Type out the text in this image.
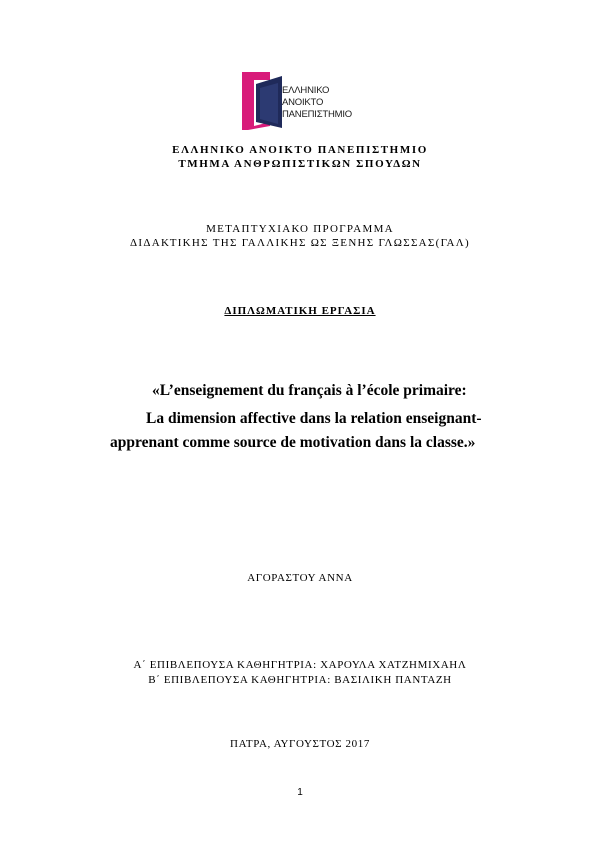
ΕΛΛΗΝΙΚΟ
ΑΝΟΙΚΤΟ
ΠΑΝΕΠΙΣΤΗΜΙΟ
ΕΛΛΗΝΙΚΟ ΑΝΟΙΚΤΟ ΠΑΝΕΠΙΣΤΗΜΙΟ
ΤΜΗΜΑ ΑΝΘΡΩΠΙΣΤΙΚΩΝ ΣΠΟΥΔΩΝ
ΜΕΤΑΠΤΥΧΙΑΚΟ ΠΡΟΓΡΑΜΜΑ
ΔΙΔΑΚΤΙΚΗΣ ΤΗΣ ΓΑΛΛΙΚΗΣ ΩΣ ΞΕΝΗΣ ΓΛΩΣΣΑΣ(ΓΑΛ)
ΔΙΠΛΩΜΑΤΙΚΗ ΕΡΓΑΣΙΑ
«L’enseignement du français à l’école primaire:
La dimension affective dans la relation enseignant-
apprenant comme source de motivation dans la classe.»
ΑΓΟΡΑΣΤΟΥ ΑΝΝΑ
Α΄ ΕΠΙΒΛΕΠΟΥΣΑ ΚΑΘΗΓΗΤΡΙΑ: ΧΑΡΟΥΛΑ ΧΑΤΖΗΜΙΧΑΗΛ
Β΄ ΕΠΙΒΛΕΠΟΥΣΑ ΚΑΘΗΓΗΤΡΙΑ: ΒΑΣΙΛΙΚΗ ΠΑΝΤΑΖΗ
ΠΑΤΡΑ, ΑΥΓΟΥΣΤΟΣ 2017
1
